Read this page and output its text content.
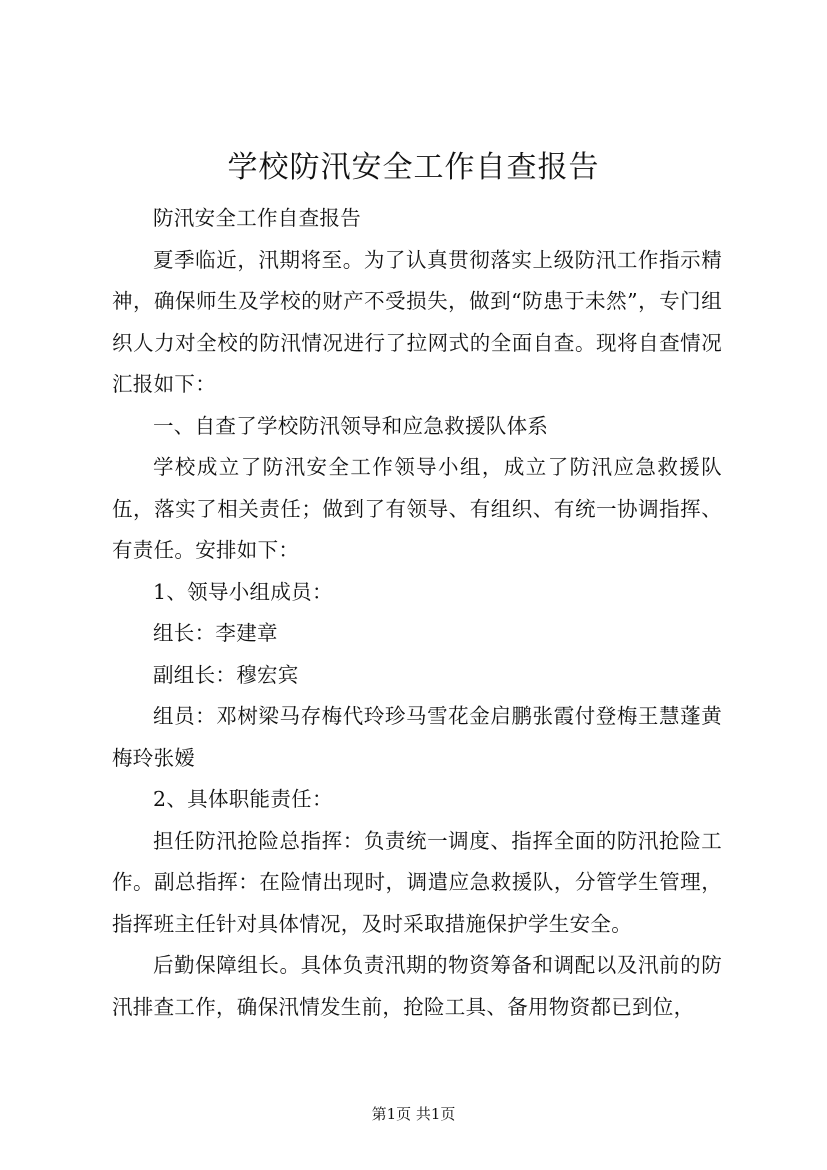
学校防汛安全工作自查报告

防汛安全工作自查报告

夏季临近，汛期将至。为了认真贯彻落实上级防汛工作指示精神，确保师生及学校的财产不受损失，做到“防患于未然”，专门组织人力对全校的防汛情况进行了拉网式的全面自查。现将自查情况汇报如下：

一、自查了学校防汛领导和应急救援队体系

学校成立了防汛安全工作领导小组，成立了防汛应急救援队伍，落实了相关责任；做到了有领导、有组织、有统一协调指挥、有责任。安排如下：

1、领导小组成员：

组长：李建章

副组长：穆宏宾

组员：邓树梁马存梅代玲珍马雪花金启鹏张霞付登梅王慧蓬黄梅玲张嫒

2、具体职能责任：

担任防汛抢险总指挥：负责统一调度、指挥全面的防汛抢险工作。副总指挥：在险情出现时，调遣应急救援队，分管学生管理，指挥班主任针对具体情况，及时采取措施保护学生安全。

后勤保障组长。具体负责汛期的物资筹备和调配以及汛前的防汛排查工作，确保汛情发生前，抢险工具、备用物资都已到位，

第1页 共1页
